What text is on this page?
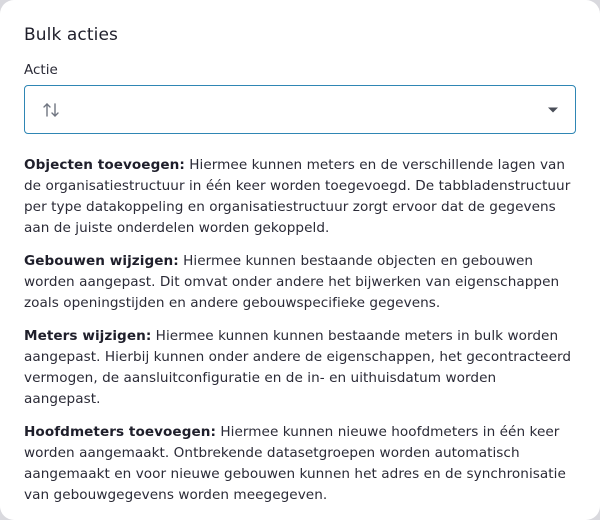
Bulk acties
Actie

Objecten toevoegen: Hiermee kunnen meters en de verschillende lagen van de organisatiestructuur in één keer worden toegevoegd. De tabbladenstructuur per type datakoppeling en organisatiestructuur zorgt ervoor dat de gegevens aan de juiste onderdelen worden gekoppeld.

Gebouwen wijzigen: Hiermee kunnen bestaande objecten en gebouwen worden aangepast. Dit omvat onder andere het bijwerken van eigenschappen zoals openingstijden en andere gebouwspecifieke gegevens.

Meters wijzigen: Hiermee kunnen kunnen bestaande meters in bulk worden aangepast. Hierbij kunnen onder andere de eigenschappen, het gecontracteerd vermogen, de aansluitconfiguratie en de in- en uithuisdatum worden aangepast.

Hoofdmeters toevoegen: Hiermee kunnen nieuwe hoofdmeters in één keer worden aangemaakt. Ontbrekende datasetgroepen worden automatisch aangemaakt en voor nieuwe gebouwen kunnen het adres en de synchronisatie van gebouwgegevens worden meegegeven.
